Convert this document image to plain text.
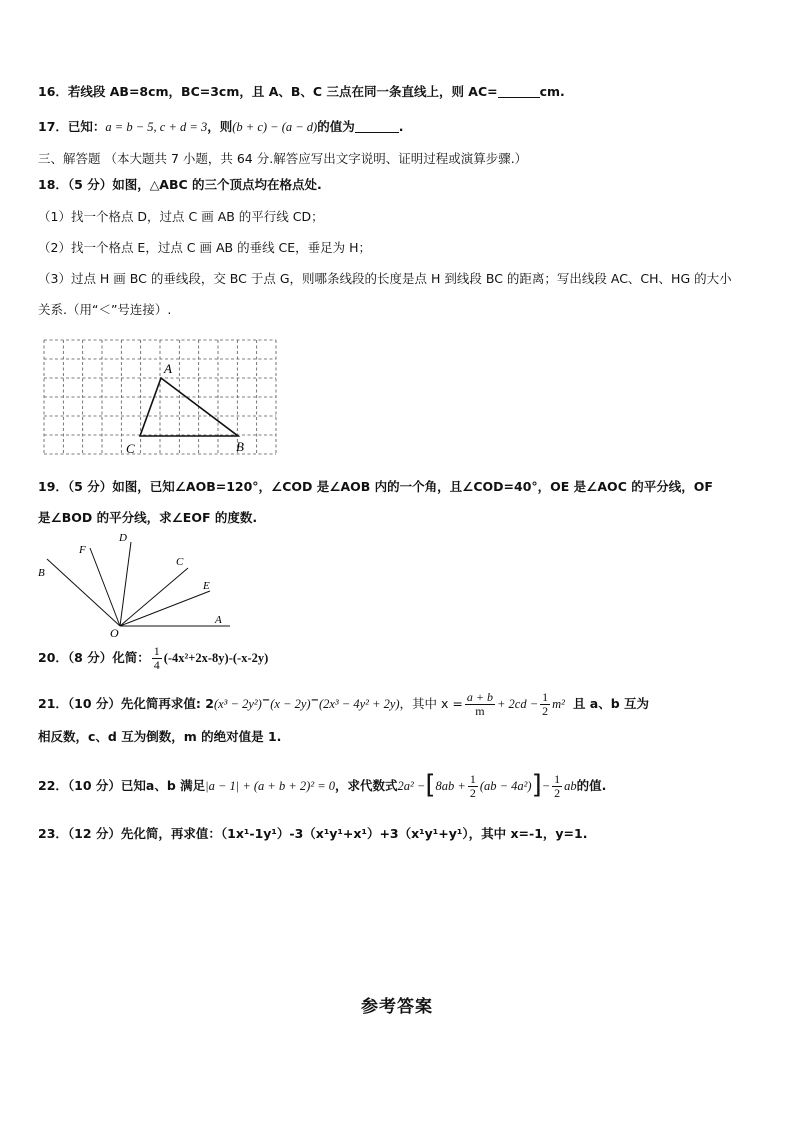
16．若线段 AB=8cm，BC=3cm，且 A、B、C 三点在同一条直线上，则 AC=	cm.
17．已知：a = b − 5, c + d = 3，则(b + c) − (a − d)的值为	.
三、解答题 （本大题共 7 小题，共 64 分.解答应写出文字说明、证明过程或演算步骤.）
18．（5 分）如图，△ABC 的三个顶点均在格点处.
（1）找一个格点 D，过点 C 画 AB 的平行线 CD；
（2）找一个格点 E，过点 C 画 AB 的垂线 CE，垂足为 H；
（3）过点 H 画 BC 的垂线段，交 BC 于点 G，则哪条线段的长度是点 H 到线段 BC 的距离；写出线段 AC、CH、HG 的大小
关系.（用“＜”号连接）.
A
C	B
19．（5 分）如图，已知∠AOB=120°，∠COD 是∠AOB 内的一个角，且∠COD=40°，OE 是∠AOC 的平分线，OF
是∠BOD 的平分线，求∠EOF 的度数.
O
A
B
C
D
E
F
20．（8 分）化简： $\frac{1}{4} (-4x^2+2x-8y)-(-x-2y)$
21．（10 分）先化简再求值: 2(x³ − 2y²)−(x − 2y)−(2x³ − 4y² + 2y)，其中 $x = \frac{a + b}{m} + 2cd - \frac{1}{2} m^2$ 且 a、b 互为
相反数，c、d 互为倒数，m 的绝对值是 1.
22．（10 分）已知a、b 满足|a − 1| + (a + b + 2)² = 0，求代数式$2a^2 -[8ab + \frac{1}{2} (ab - 4a^2)]- \frac{1}{2}$ ab的值.
23．（12 分）先化简，再求值：（1x¹-1y¹）-3（x¹y¹+x¹）+3（x¹y¹+y¹），其中 x=-1，y=1.
参考答案
